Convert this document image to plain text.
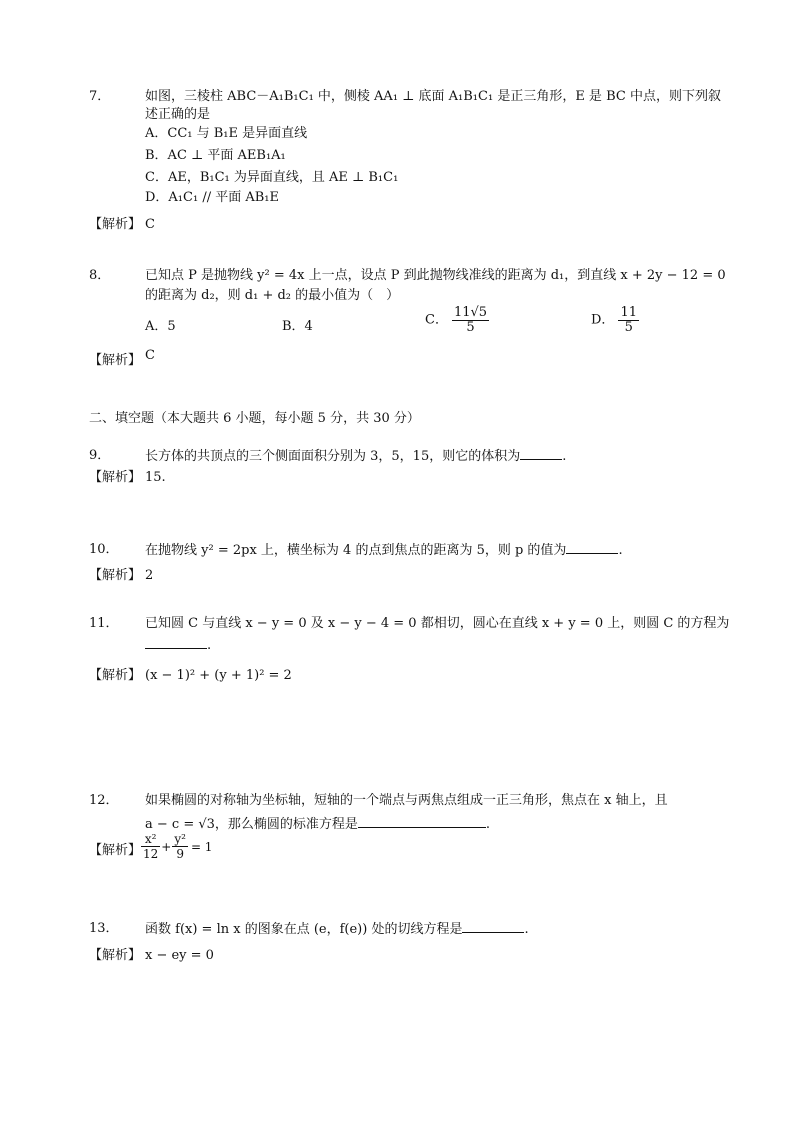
7．	如图，三棱柱 ABC－A₁B₁C₁ 中，侧棱 AA₁ ⊥ 底面 A₁B₁C₁ 是正三角形，E 是 BC 中点，则下列叙
述正确的是
A．CC₁ 与 B₁E 是异面直线
B．AC ⊥ 平面 AEB₁A₁
C．AE，B₁C₁ 为异面直线，且 AE ⊥ B₁C₁
D．A₁C₁ // 平面 AB₁E
【解析】 C
8．	已知点 P 是抛物线 y² = 4x 上一点，设点 P 到此抛物线准线的距离为 d₁，到直线 x + 2y − 12 = 0
的距离为 d₂，则 d₁ + d₂ 的最小值为（　）
A．5	B．4	C． $\frac{11√5}{5}$	D． $\frac{11}{5}$
【解析】 C
二、填空题（本大题共 6 小题，每小题 5 分，共 30 分）
9．	长方体的共顶点的三个侧面面积分别为 3，5，15，则它的体积为	.
【解析】 15.
10．	在抛物线 y² = 2px 上，横坐标为 4 的点到焦点的距离为 5，则 p 的值为	.
【解析】 2
11．	已知圆 C 与直线 x − y = 0 及 x − y − 4 = 0 都相切，圆心在直线 x + y = 0 上，则圆 C 的方程为
.
【解析】 (x − 1)² + (y + 1)² = 2
12．	如果椭圆的对称轴为坐标轴，短轴的一个端点与两焦点组成一正三角形，焦点在 x 轴上，且
a − c = √3，那么椭圆的标准方程是	.
【解析】 $\frac{\text{x²}}{12} + \frac{\text{y²}}{9} = 1$
13．	函数 f(x) = ln x 的图象在点 (e，f(e)) 处的切线方程是	.
【解析】 x − ey = 0
